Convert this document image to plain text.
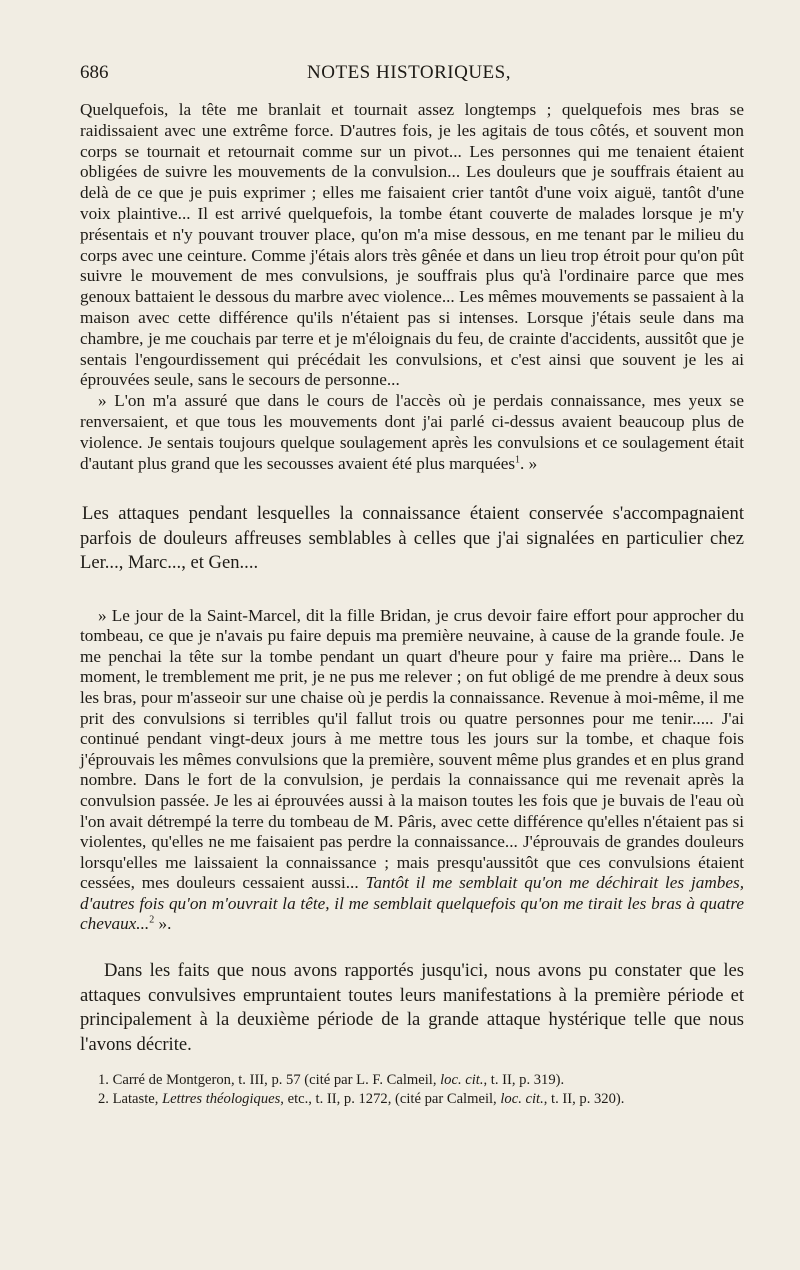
686	NOTES HISTORIQUES,

Quelquefois, la tête me branlait et tournait assez longtemps ; quelquefois mes bras se raidissaient avec une extrême force. D'autres fois, je les agitais de tous côtés, et souvent mon corps se tournait et retournait comme sur un pivot... Les personnes qui me tenaient étaient obligées de suivre les mouvements de la convulsion... Les douleurs que je souffrais étaient au delà de ce que je puis exprimer ; elles me faisaient crier tantôt d'une voix aiguë, tantôt d'une voix plaintive... Il est arrivé quelquefois, la tombe étant couverte de malades lorsque je m'y présentais et n'y pouvant trouver place, qu'on m'a mise dessous, en me tenant par le milieu du corps avec une ceinture. Comme j'étais alors très gênée et dans un lieu trop étroit pour qu'on pût suivre le mouvement de mes convulsions, je souffrais plus qu'à l'ordinaire parce que mes genoux battaient le dessous du marbre avec violence... Les mêmes mouvements se passaient à la maison avec cette différence qu'ils n'étaient pas si intenses. Lorsque j'étais seule dans ma chambre, je me couchais par terre et je m'éloignais du feu, de crainte d'accidents, aussitôt que je sentais l'engourdissement qui précédait les convulsions, et c'est ainsi que souvent je les ai éprouvées seule, sans le secours de personne...

» L'on m'a assuré que dans le cours de l'accès où je perdais connaissance, mes yeux se renversaient, et que tous les mouvements dont j'ai parlé ci-dessus avaient beaucoup plus de violence. Je sentais toujours quelque soulagement après les convulsions et ce soulagement était d'autant plus grand que les secousses avaient été plus marquées$^1$. »

Les attaques pendant lesquelles la connaissance étaient conservée s'accompagnaient parfois de douleurs affreuses semblables à celles que j'ai signalées en particulier chez Ler..., Marc..., et Gen....

» Le jour de la Saint-Marcel, dit la fille Bridan, je crus devoir faire effort pour approcher du tombeau, ce que je n'avais pu faire depuis ma première neuvaine, à cause de la grande foule. Je me penchai la tête sur la tombe pendant un quart d'heure pour y faire ma prière... Dans le moment, le tremblement me prit, je ne pus me relever ; on fut obligé de me prendre à deux sous les bras, pour m'asseoir sur une chaise où je perdis la connaissance. Revenue à moi-même, il me prit des convulsions si terribles qu'il fallut trois ou quatre personnes pour me tenir..... J'ai continué pendant vingt-deux jours à me mettre tous les jours sur la tombe, et chaque fois j'éprouvais les mêmes convulsions que la première, souvent même plus grandes et en plus grand nombre. Dans le fort de la convulsion, je perdais la connaissance qui me revenait après la convulsion passée. Je les ai éprouvées aussi à la maison toutes les fois que je buvais de l'eau où l'on avait détrempé la terre du tombeau de M. Pâris, avec cette différence qu'elles n'étaient pas si violentes, qu'elles ne me faisaient pas perdre la connaissance... J'éprouvais de grandes douleurs lorsqu'elles me laissaient la connaissance ; mais presqu'aussitôt que ces convulsions étaient cessées, mes douleurs cessaient aussi... Tantôt il me semblait qu'on me déchirait les jambes, d'autres fois qu'on m'ouvrait la tête, il me semblait quelquefois qu'on me tirait les bras à quatre chevaux...$^2$ ».

Dans les faits que nous avons rapportés jusqu'ici, nous avons pu constater que les attaques convulsives empruntaient toutes leurs manifestations à la première période et principalement à la deuxième période de la grande attaque hystérique telle que nous l'avons décrite.

1. Carré de Montgeron, t. III, p. 57 (cité par L. F. Calmeil, loc. cit., t. II, p. 319).

2. Lataste, Lettres théologiques, etc., t. II, p. 1272, (cité par Calmeil, loc. cit., t. II, p. 320).
